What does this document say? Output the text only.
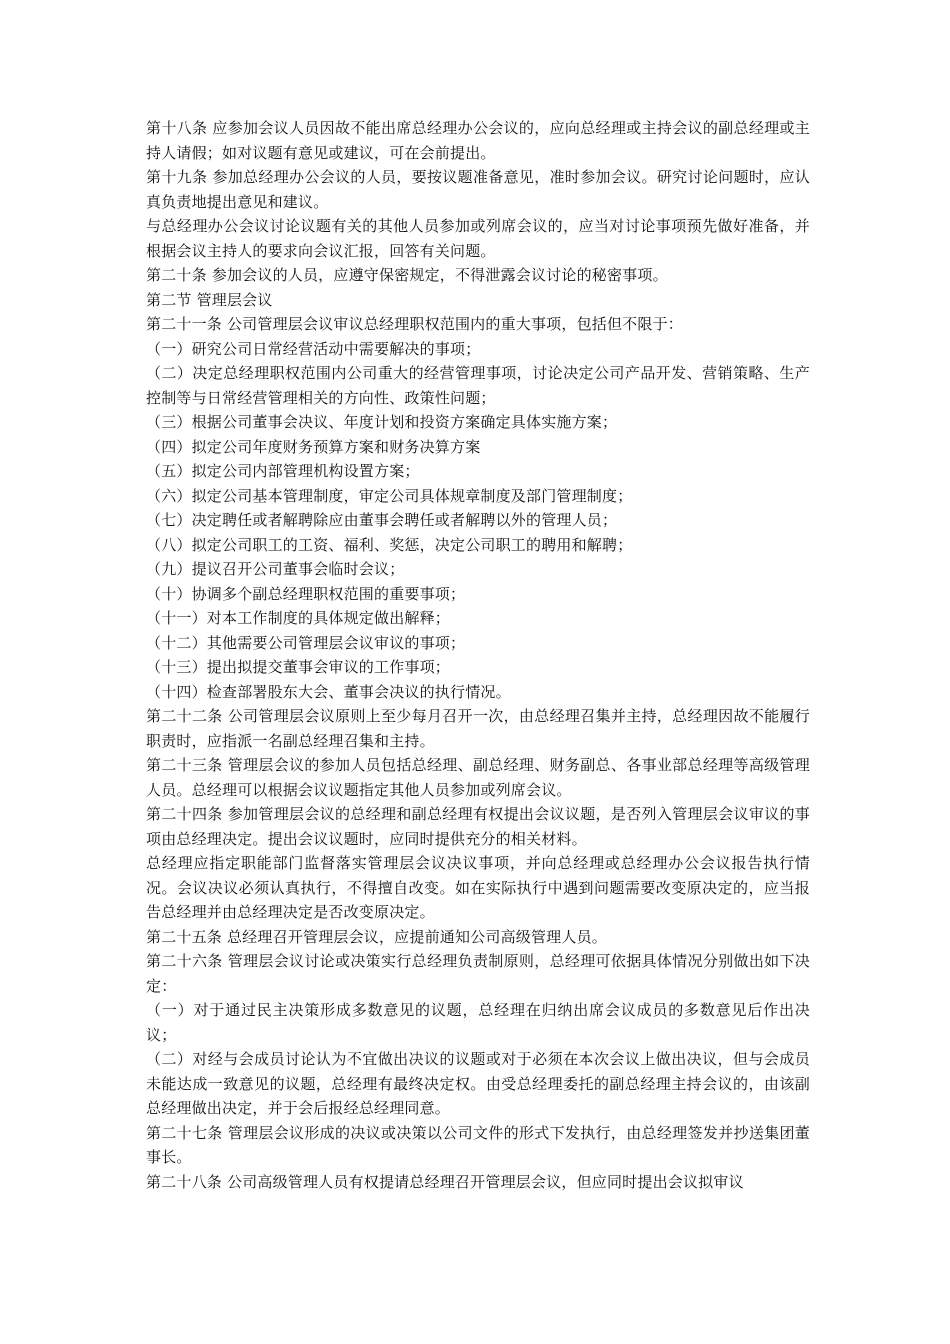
第十八条 应参加会议人员因故不能出席总经理办公会议的，应向总经理或主持会议的副总经理或主持人请假；如对议题有意见或建议，可在会前提出。

第十九条 参加总经理办公会议的人员，要按议题准备意见，准时参加会议。研究讨论问题时，应认真负责地提出意见和建议。

与总经理办公会议讨论议题有关的其他人员参加或列席会议的，应当对讨论事项预先做好准备，并根据会议主持人的要求向会议汇报，回答有关问题。

第二十条 参加会议的人员，应遵守保密规定，不得泄露会议讨论的秘密事项。

第二节 管理层会议

第二十一条 公司管理层会议审议总经理职权范围内的重大事项，包括但不限于：

（一）研究公司日常经营活动中需要解决的事项；

（二）决定总经理职权范围内公司重大的经营管理事项，讨论决定公司产品开发、营销策略、生产控制等与日常经营管理相关的方向性、政策性问题；

（三）根据公司董事会决议、年度计划和投资方案确定具体实施方案；

（四）拟定公司年度财务预算方案和财务决算方案

（五）拟定公司内部管理机构设置方案；

（六）拟定公司基本管理制度，审定公司具体规章制度及部门管理制度；

（七）决定聘任或者解聘除应由董事会聘任或者解聘以外的管理人员；

（八）拟定公司职工的工资、福利、奖惩，决定公司职工的聘用和解聘；

（九）提议召开公司董事会临时会议；

（十）协调多个副总经理职权范围的重要事项；

（十一）对本工作制度的具体规定做出解释；

（十二）其他需要公司管理层会议审议的事项；

（十三）提出拟提交董事会审议的工作事项；

（十四）检查部署股东大会、董事会决议的执行情况。

第二十二条 公司管理层会议原则上至少每月召开一次，由总经理召集并主持，总经理因故不能履行职责时，应指派一名副总经理召集和主持。

第二十三条 管理层会议的参加人员包括总经理、副总经理、财务副总、各事业部总经理等高级管理人员。总经理可以根据会议议题指定其他人员参加或列席会议。

第二十四条 参加管理层会议的总经理和副总经理有权提出会议议题，是否列入管理层会议审议的事项由总经理决定。提出会议议题时，应同时提供充分的相关材料。

总经理应指定职能部门监督落实管理层会议决议事项，并向总经理或总经理办公会议报告执行情况。会议决议必须认真执行，不得擅自改变。如在实际执行中遇到问题需要改变原决定的，应当报告总经理并由总经理决定是否改变原决定。

第二十五条 总经理召开管理层会议，应提前通知公司高级管理人员。

第二十六条 管理层会议讨论或决策实行总经理负责制原则，总经理可依据具体情况分别做出如下决定：

（一）对于通过民主决策形成多数意见的议题，总经理在归纳出席会议成员的多数意见后作出决议；

（二）对经与会成员讨论认为不宜做出决议的议题或对于必须在本次会议上做出决议，但与会成员未能达成一致意见的议题，总经理有最终决定权。由受总经理委托的副总经理主持会议的，由该副总经理做出决定，并于会后报经总经理同意。

第二十七条 管理层会议形成的决议或决策以公司文件的形式下发执行，由总经理签发并抄送集团董事长。

第二十八条 公司高级管理人员有权提请总经理召开管理层会议，但应同时提出会议拟审议
